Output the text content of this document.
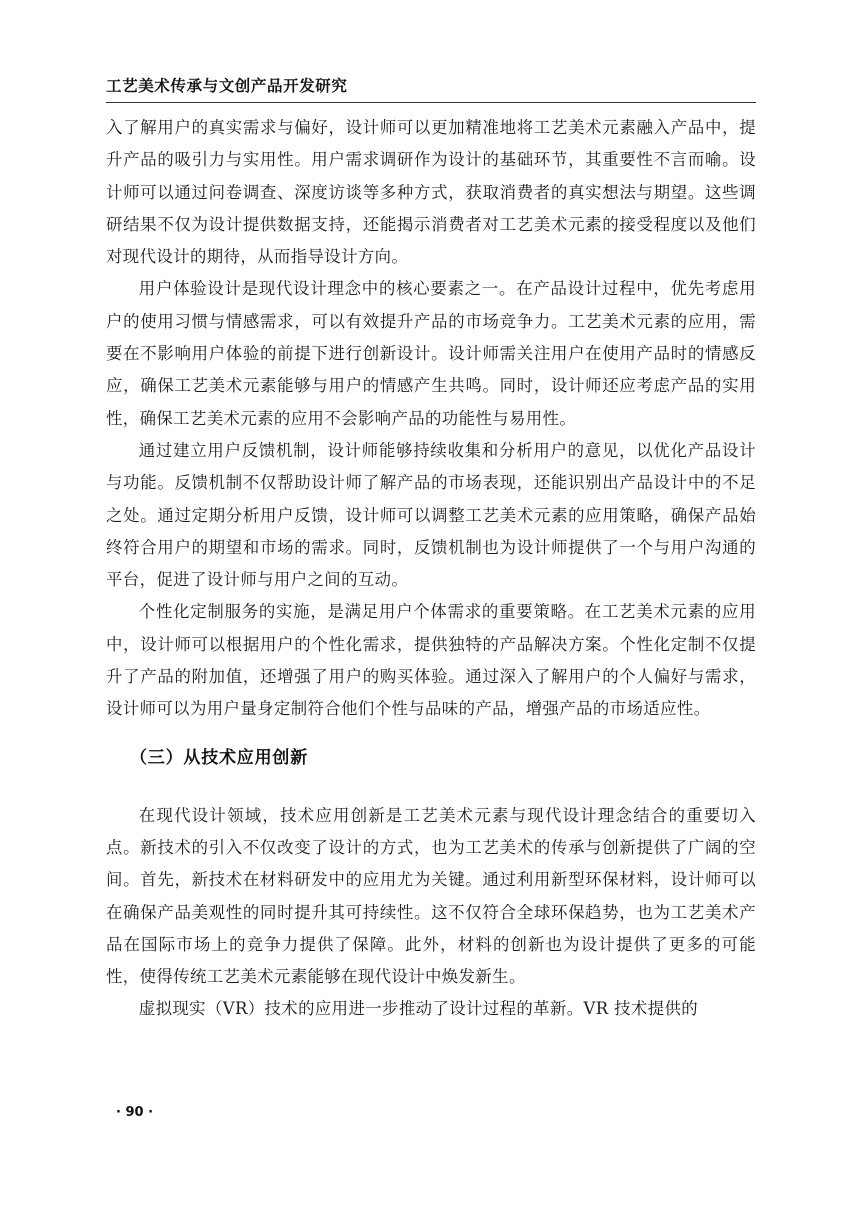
工艺美术传承与文创产品开发研究

入了解用户的真实需求与偏好，设计师可以更加精准地将工艺美术元素融入产品中，提升产品的吸引力与实用性。用户需求调研作为设计的基础环节，其重要性不言而喻。设计师可以通过问卷调查、深度访谈等多种方式，获取消费者的真实想法与期望。这些调研结果不仅为设计提供数据支持，还能揭示消费者对工艺美术元素的接受程度以及他们对现代设计的期待，从而指导设计方向。

用户体验设计是现代设计理念中的核心要素之一。在产品设计过程中，优先考虑用户的使用习惯与情感需求，可以有效提升产品的市场竞争力。工艺美术元素的应用，需要在不影响用户体验的前提下进行创新设计。设计师需关注用户在使用产品时的情感反应，确保工艺美术元素能够与用户的情感产生共鸣。同时，设计师还应考虑产品的实用性，确保工艺美术元素的应用不会影响产品的功能性与易用性。

通过建立用户反馈机制，设计师能够持续收集和分析用户的意见，以优化产品设计与功能。反馈机制不仅帮助设计师了解产品的市场表现，还能识别出产品设计中的不足之处。通过定期分析用户反馈，设计师可以调整工艺美术元素的应用策略，确保产品始终符合用户的期望和市场的需求。同时，反馈机制也为设计师提供了一个与用户沟通的平台，促进了设计师与用户之间的互动。

个性化定制服务的实施，是满足用户个体需求的重要策略。在工艺美术元素的应用中，设计师可以根据用户的个性化需求，提供独特的产品解决方案。个性化定制不仅提升了产品的附加值，还增强了用户的购买体验。通过深入了解用户的个人偏好与需求，设计师可以为用户量身定制符合他们个性与品味的产品，增强产品的市场适应性。

（三）从技术应用创新

在现代设计领域，技术应用创新是工艺美术元素与现代设计理念结合的重要切入点。新技术的引入不仅改变了设计的方式，也为工艺美术的传承与创新提供了广阔的空间。首先，新技术在材料研发中的应用尤为关键。通过利用新型环保材料，设计师可以在确保产品美观性的同时提升其可持续性。这不仅符合全球环保趋势，也为工艺美术产品在国际市场上的竞争力提供了保障。此外，材料的创新也为设计提供了更多的可能性，使得传统工艺美术元素能够在现代设计中焕发新生。

虚拟现实（VR）技术的应用进一步推动了设计过程的革新。VR 技术提供的

· 90 ·
